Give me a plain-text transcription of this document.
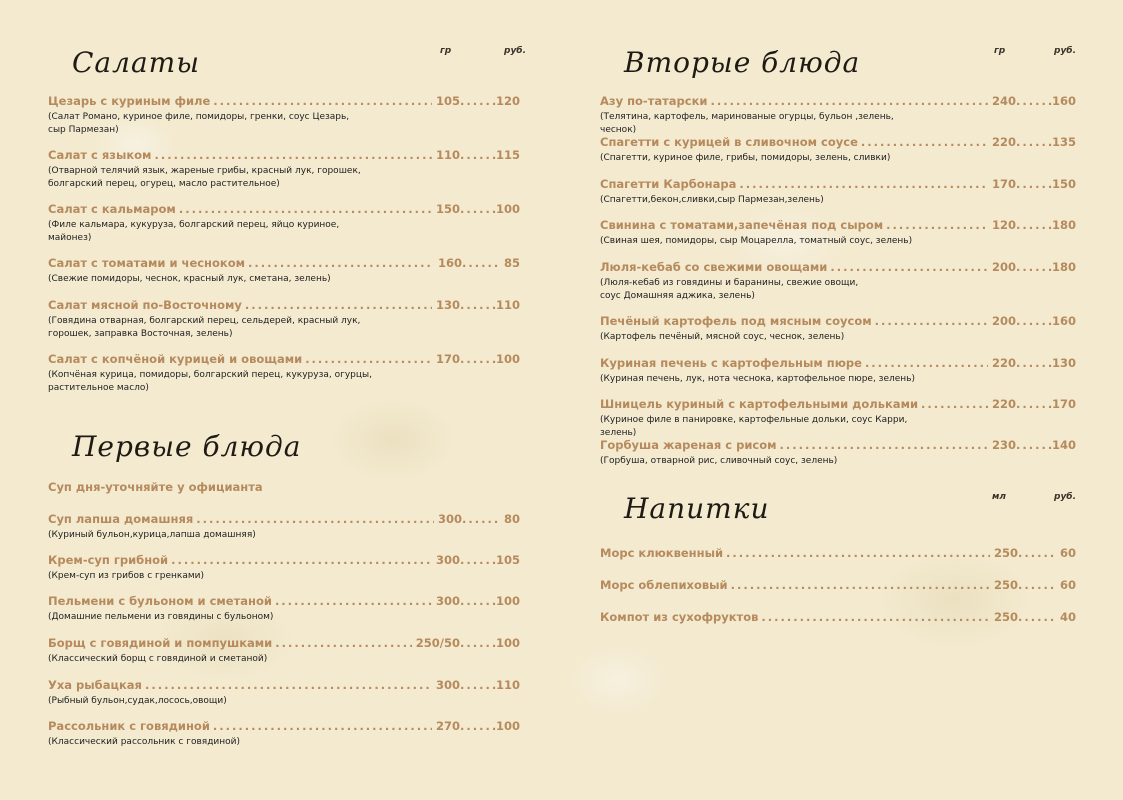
Салаты	гр	руб.
Цезарь с куриным филе . . .	105 . . .	120
(Салат Романо, куриное филе, помидоры, гренки, соус Цезарь,
сыр Пармезан)
Салат с языком . . .	110 . . .	115
(Отварной телячий язык, жареные грибы, красный лук, горошек,
болгарский перец, огурец, масло растительное)
Салат с кальмаром . . .	150 . . .	100
(Филе кальмара, кукуруза, болгарский перец, яйцо куриное,
майонез)
Салат с томатами и чесноком . . .	160 . . .	85
(Свежие помидоры, чеснок, красный лук, сметана, зелень)
Салат мясной по-Восточному . . .	130 . . .	110
(Говядина отварная, болгарский перец, сельдерей, красный лук,
горошек, заправка Восточная, зелень)
Салат с копчёной курицей и овощами . . .	170 . . .	100
(Копчёная курица, помидоры, болгарский перец, кукуруза, огурцы,
растительное масло)
Первые блюда
Суп дня-уточняйте у официанта
Суп лапша домашняя . . .	300 . . .	80
(Куриный бульон,курица,лапша домашняя)
Крем-суп грибной . . .	300 . . .	105
(Крем-суп из грибов с гренками)
Пельмени с бульоном и сметаной . . .	300 . . .	100
(Домашние пельмени из говядины с бульоном)
Борщ с говядиной и помпушками . . .	250/50 . . .	100
(Классический борщ с говядиной и сметаной)
Уха рыбацкая . . .	300 . . .	110
(Рыбный бульон,судак,лосось,овощи)
Рассольник с говядиной . . .	270 . . .	100
(Классический рассольник с говядиной)
Вторые блюда	гр	руб.
Азу по-татарски . . .	240 . . .	160
(Телятина, картофель, маринованые огурцы, бульон ,зелень, чеснок)
Спагетти с курицей в сливочном соусе . . .	220 . . .	135
(Спагетти, куриное филе, грибы, помидоры, зелень, сливки)
Спагетти Карбонара . . .	170 . . .	150
(Спагетти,бекон,сливки,сыр Пармезан,зелень)
Свинина с томатами,запечёная под сыром . . .	120 . . .	180
(Свиная шея, помидоры, сыр Моцарелла, томатный соус, зелень)
Люля-кебаб со свежими овощами . . .	200 . . .	180
(Люля-кебаб из говядины и баранины, свежие овощи,
соус Домашняя аджика, зелень)
Печёный картофель под мясным соусом . . .	200 . . .	160
(Картофель печёный, мясной соус, чеснок, зелень)
Куриная печень с картофельным пюре . . .	220 . . .	130
(Куриная печень, лук, нота чеснока, картофельное пюре, зелень)
Шницель куриный с картофельными дольками . . .	220 . . .	170
(Куриное филе в панировке, картофельные дольки, соус Карри, зелень)
Горбуша жареная с рисом . . .	230 . . .	140
(Горбуша, отварной рис, сливочный соус, зелень)
Напитки	мл	руб.
Морс клюквенный . . .	250 . . .	60
Морс облепиховый . . .	250 . . .	60
Компот из сухофруктов . . .	250 . . .	40
